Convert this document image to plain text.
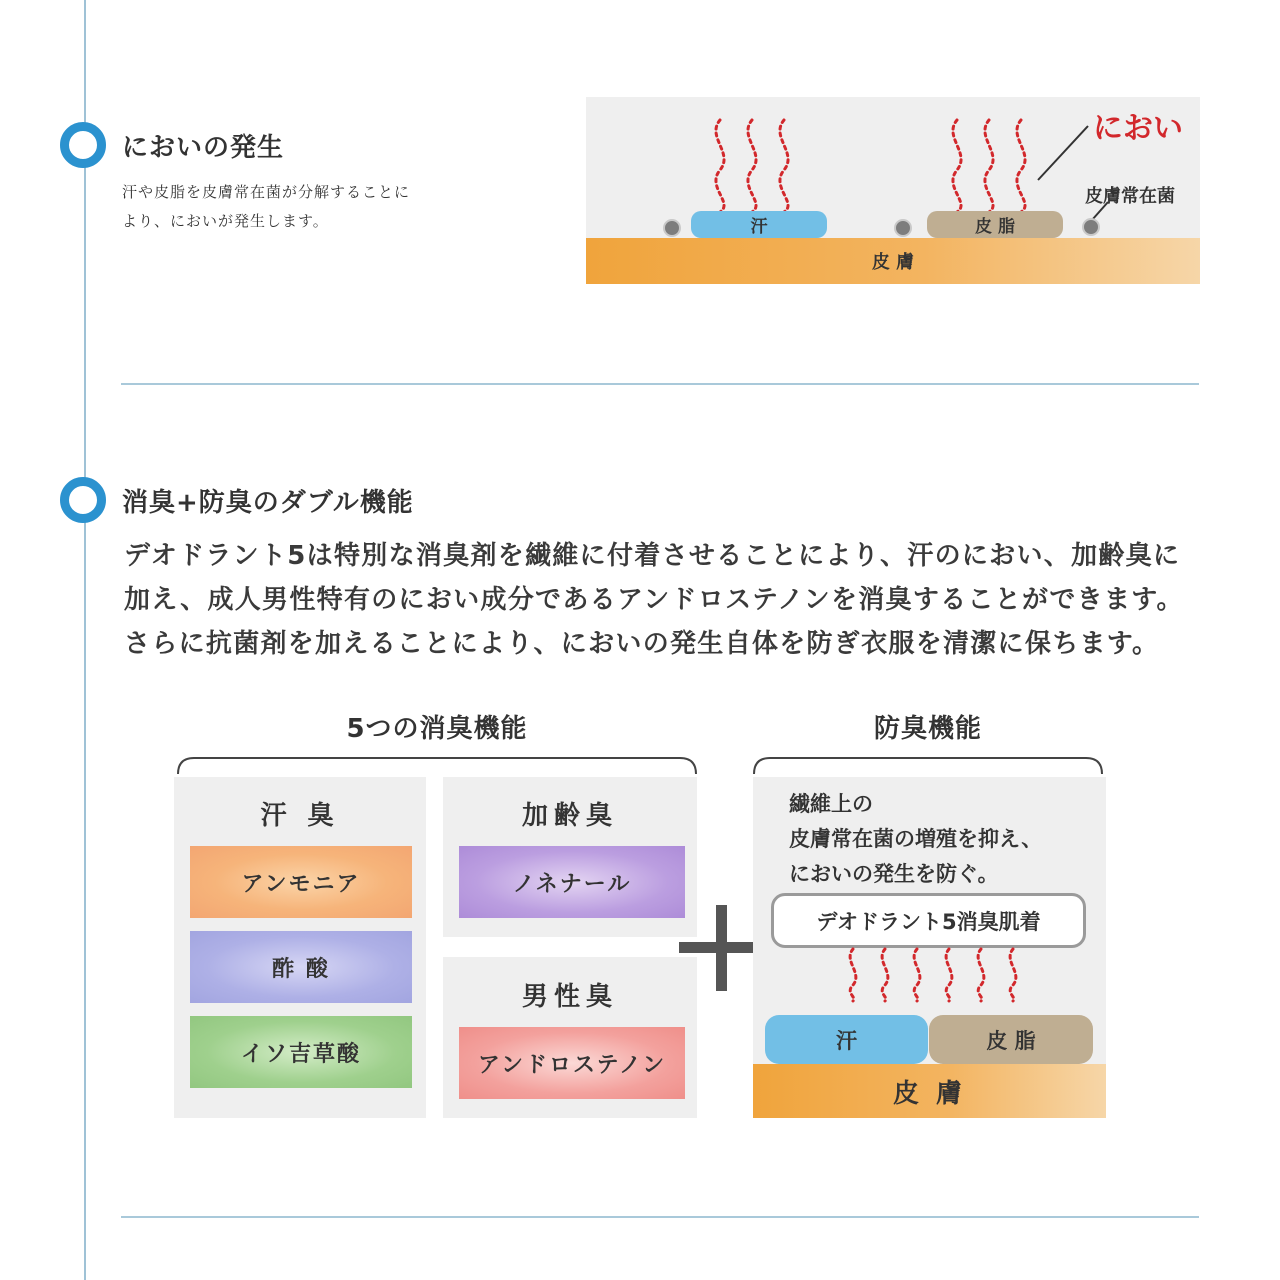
においの発生
汗や皮脂を皮膚常在菌が分解することに
より、においが発生します。
におい
皮膚常在菌
汗	皮 脂
皮 膚
消臭+防臭のダブル機能
デオドラント5は特別な消臭剤を繊維に付着させることにより、汗のにおい、加齢臭に
加え、成人男性特有のにおい成分であるアンドロステノンを消臭することができます。
さらに抗菌剤を加えることにより、においの発生自体を防ぎ衣服を清潔に保ちます。
5つの消臭機能	防臭機能
汗 臭
アンモニア
酢 酸
イソ吉草酸
加齢臭
ノネナール
男性臭
アンドロステノン
繊維上の
皮膚常在菌の増殖を抑え、
においの発生を防ぐ。
デオドラント5消臭肌着
汗	皮 脂
皮 膚
